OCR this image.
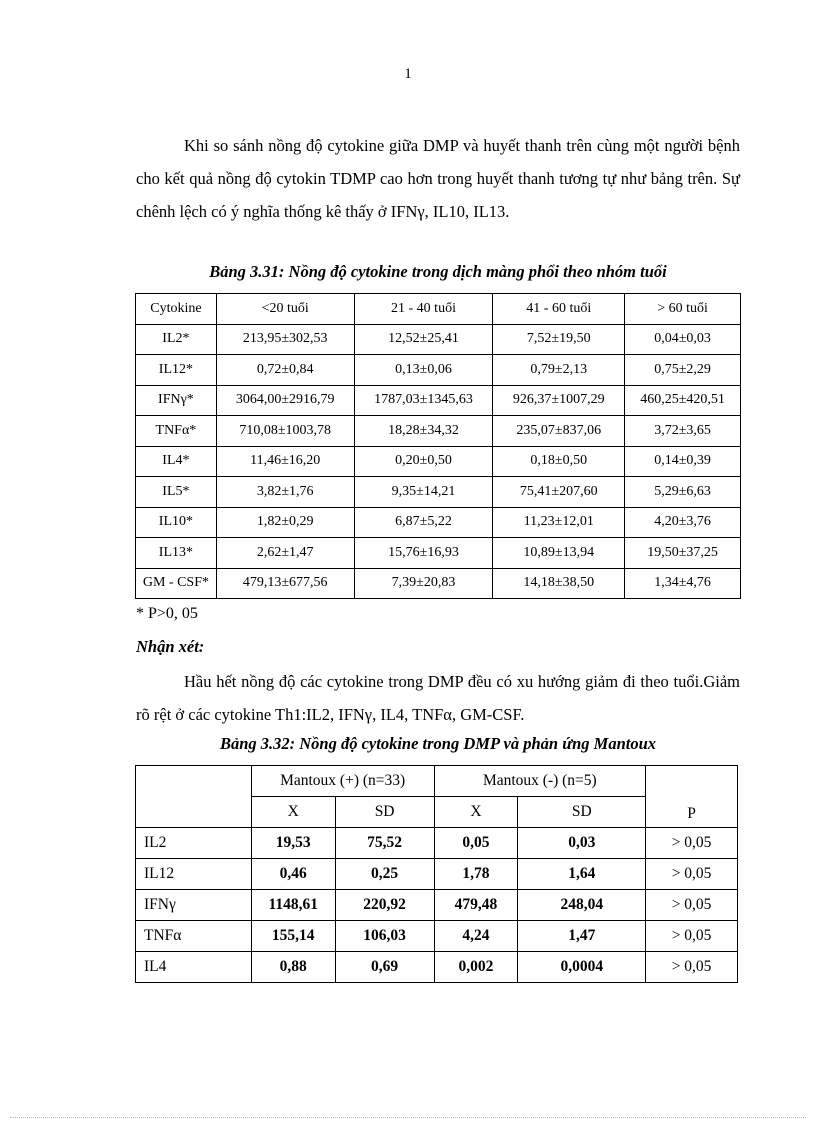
1

Khi so sánh nồng độ cytokine giữa DMP và huyết thanh trên cùng một người bệnh cho kết quả nồng độ cytokin TDMP cao hơn trong huyết thanh tương tự như bảng trên. Sự chênh lệch có ý nghĩa thống kê thấy ở IFNγ, IL10, IL13.

Bảng 3.31: Nồng độ cytokine trong dịch màng phổi theo nhóm tuổi

Cytokine	<20 tuổi	21 - 40 tuổi	41 - 60 tuổi	> 60 tuổi
IL2*	213,95±302,53	12,52±25,41	7,52±19,50	0,04±0,03
IL12*	0,72±0,84	0,13±0,06	0,79±2,13	0,75±2,29
IFNγ*	3064,00±2916,79	1787,03±1345,63	926,37±1007,29	460,25±420,51
TNFα*	710,08±1003,78	18,28±34,32	235,07±837,06	3,72±3,65
IL4*	11,46±16,20	0,20±0,50	0,18±0,50	0,14±0,39
IL5*	3,82±1,76	9,35±14,21	75,41±207,60	5,29±6,63
IL10*	1,82±0,29	6,87±5,22	11,23±12,01	4,20±3,76
IL13*	2,62±1,47	15,76±16,93	10,89±13,94	19,50±37,25
GM - CSF*	479,13±677,56	7,39±20,83	14,18±38,50	1,34±4,76
* P>0, 05
Nhận xét:

Hầu hết nồng độ các cytokine trong DMP đều có xu hướng giảm đi theo tuổi.Giảm rõ rệt ở các cytokine Th1:IL2, IFNγ, IL4, TNFα, GM-CSF.

Bảng 3.32: Nồng độ cytokine trong DMP và phản ứng Mantoux

	Mantoux (+) (n=33)		Mantoux (-) (n=5)		P
	X	SD	X	SD	
IL2	19,53	75,52	0,05	0,03	> 0,05
IL12	0,46	0,25	1,78	1,64	> 0,05
IFNγ	1148,61	220,92	479,48	248,04	> 0,05
TNFα	155,14	106,03	4,24	1,47	> 0,05
IL4	0,88	0,69	0,002	0,0004	> 0,05
